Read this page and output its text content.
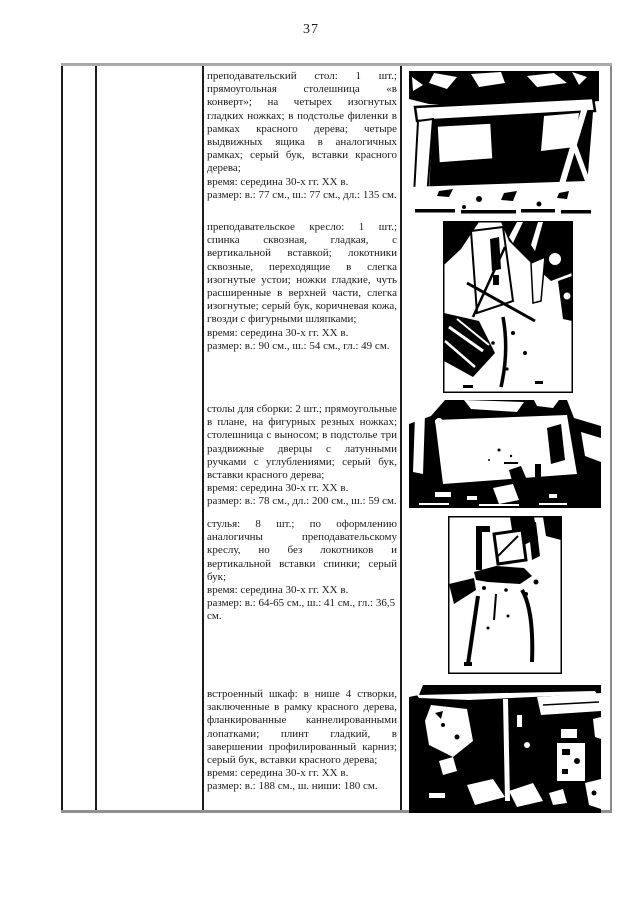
37
преподавательский стол: 1 шт.; прямоугольная столешница «в конверт»; на четырех изогнутых гладких ножках; в подстолье филенки в рамках красного дерева; четыре выдвижных ящика в аналогичных рамках; серый бук, вставки красного дерева;
время: середина 30-х гг. XX в.
размер: в.: 77 см., ш.: 77 см., дл.: 135 см.
преподавательское кресло: 1 шт.; спинка сквозная, гладкая, с вертикальной вставкой; локотники сквозные, переходящие в слегка изогнутые устои; ножки гладкие, чуть расширенные в верхней части, слегка изогнутые; серый бук, коричневая кожа, гвозди с фигурными шляпками;
время: середина 30-х гг. XX в.
размер: в.: 90 см., ш.: 54 см., гл.: 49 см.
столы для сборки: 2 шт.; прямоугольные в плане, на фигурных резных ножках; столешница с выносом; в подстолье три раздвижные дверцы с латунными ручками с углублениями; серый бук, вставки красного дерева;
время: середина 30-х гг. XX в.
размер: в.: 78 см., дл.: 200 см., ш.: 59 см.
стулья: 8 шт.; по оформлению аналогичны преподавательскому креслу, но без локотников и вертикальной вставки спинки; серый бук;
время: середина 30-х гг. XX в.
размер: в.: 64-65 см., ш.: 41 см., гл.: 36,5 см.
встроенный шкаф: в нише 4 створки, заключенные в рамку красного дерева, фланкированные каннелированными лопатками; плинт гладкий, в завершении профилированный карниз; серый бук, вставки красного дерева;
время: середина 30-х гг. XX в.
размер: в.: 188 см., ш. ниши: 180 см.
